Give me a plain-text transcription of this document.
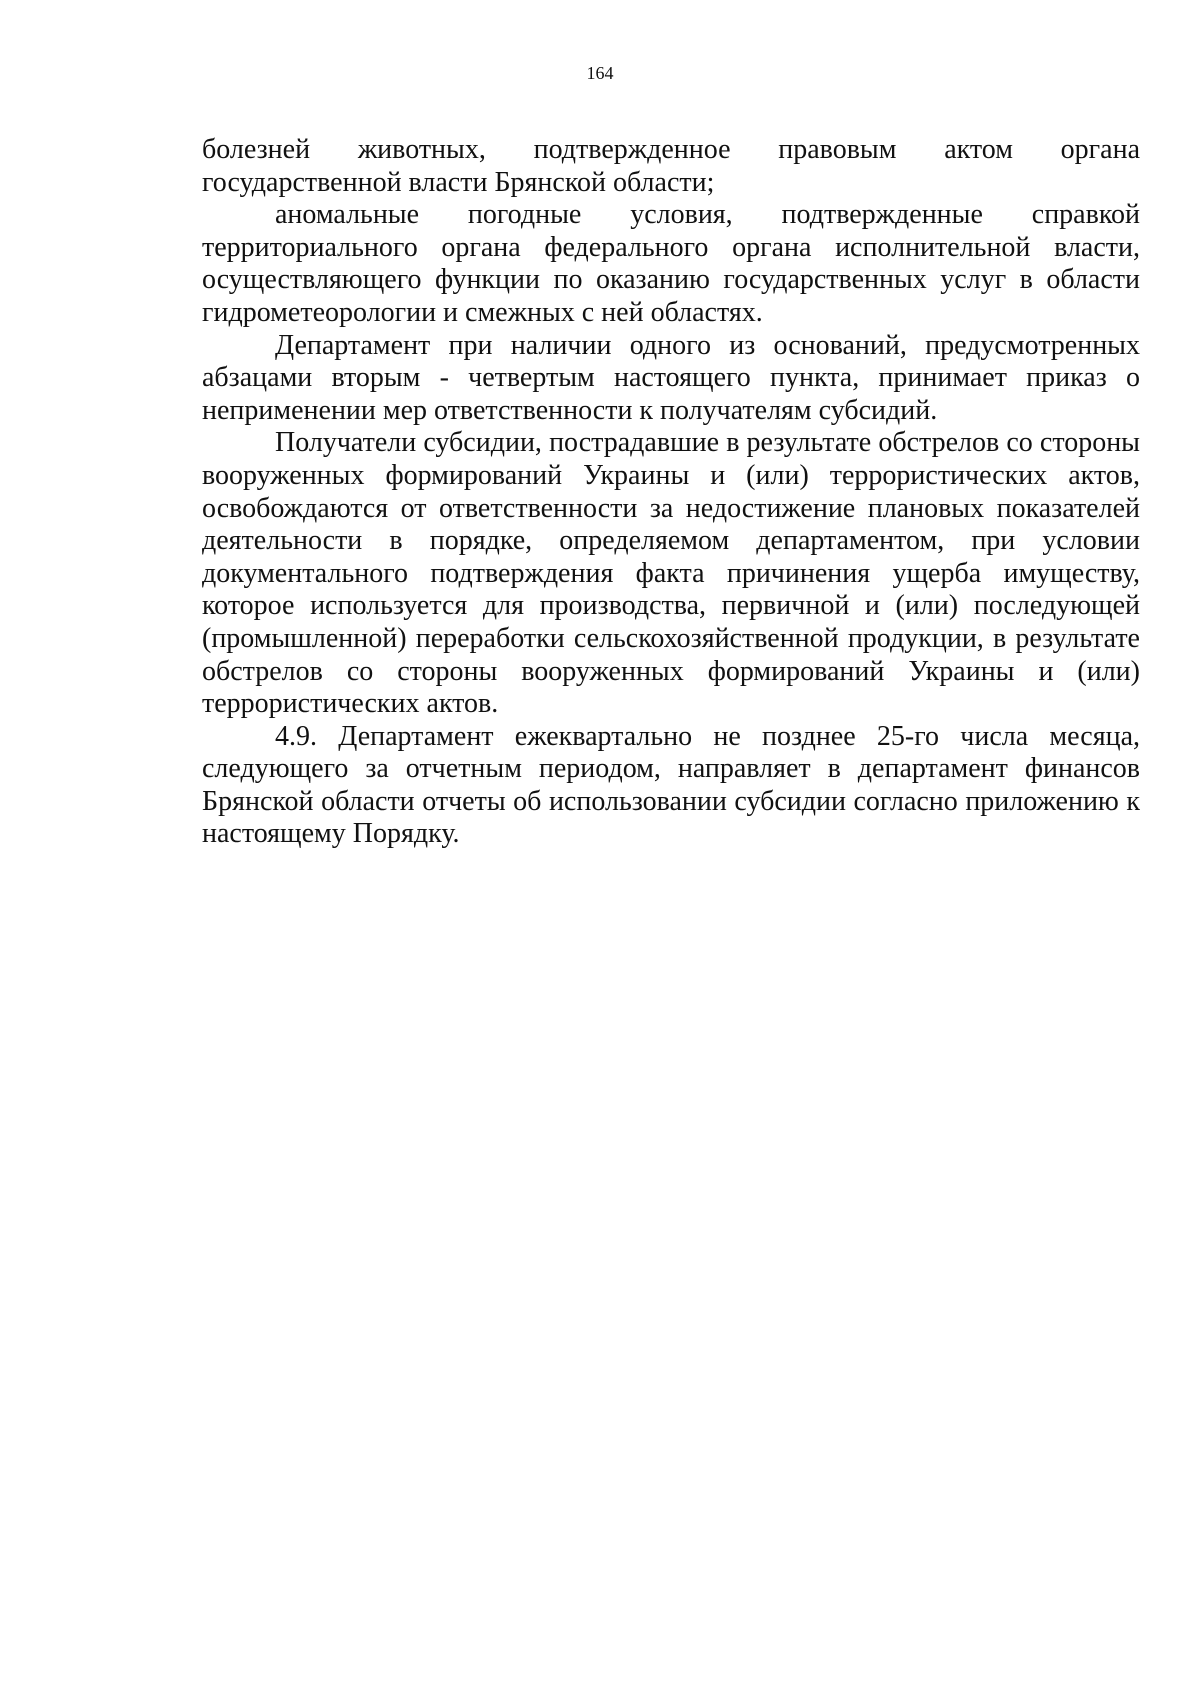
164

болезней животных, подтвержденное правовым актом органа государственной власти Брянской области;

аномальные погодные условия, подтвержденные справкой территориального органа федерального органа исполнительной власти, осуществляющего функции по оказанию государственных услуг в области гидрометеорологии и смежных с ней областях.

Департамент при наличии одного из оснований, предусмотренных абзацами вторым - четвертым настоящего пункта, принимает приказ о неприменении мер ответственности к получателям субсидий.

Получатели субсидии, пострадавшие в результате обстрелов со стороны вооруженных формирований Украины и (или) террористических актов, освобождаются от ответственности за недостижение плановых показателей деятельности в порядке, определяемом департаментом, при условии документального подтверждения факта причинения ущерба имуществу, которое используется для производства, первичной и (или) последующей (промышленной) переработки сельскохозяйственной продукции, в результате обстрелов со стороны вооруженных формирований Украины и (или) террористических актов.

4.9. Департамент ежеквартально не позднее 25-го числа месяца, следующего за отчетным периодом, направляет в департамент финансов Брянской области отчеты об использовании субсидии согласно приложению к настоящему Порядку.
